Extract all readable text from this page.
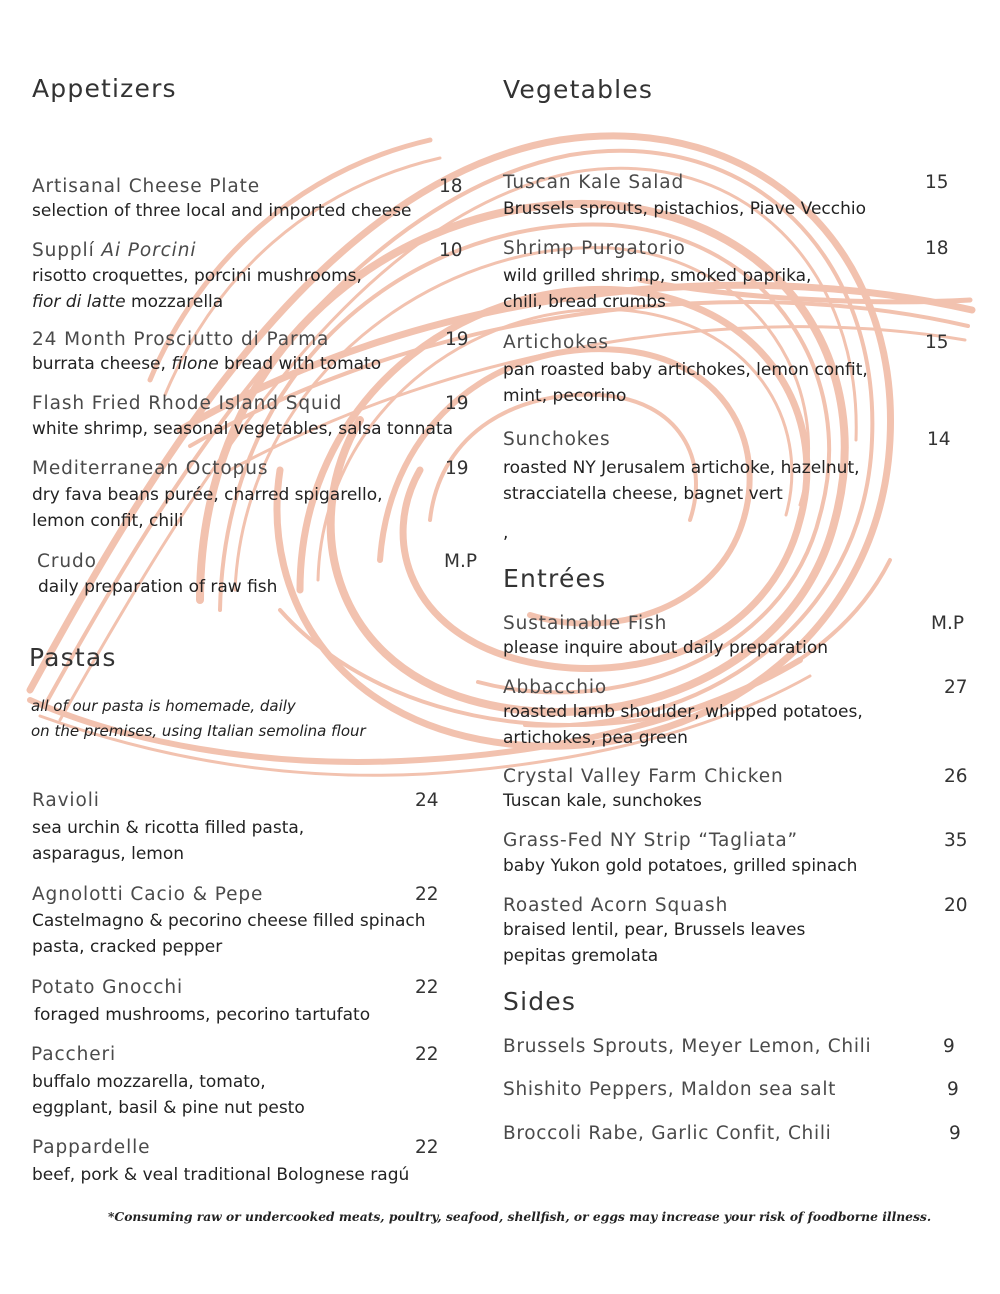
Appetizers
Artisanal Cheese Plate	18
selection of three local and imported cheese
Supplí Ai Porcini	10
risotto croquettes, porcini mushrooms,
fior di latte mozzarella
24 Month Prosciutto di Parma	19
burrata cheese, filone bread with tomato
Flash Fried Rhode Island Squid	19
white shrimp, seasonal vegetables, salsa tonnata
Mediterranean Octopus	19
dry fava beans purée, charred spigarello,
lemon confit, chili
Crudo	M.P
daily preparation of raw fish
Pastas
all of our pasta is homemade, daily
on the premises, using Italian semolina flour
Ravioli	24
sea urchin & ricotta filled pasta,
asparagus, lemon
Agnolotti Cacio & Pepe	22
Castelmagno & pecorino cheese filled spinach
pasta, cracked pepper
Potato Gnocchi	22
foraged mushrooms, pecorino tartufato
Paccheri	22
buffalo mozzarella, tomato,
eggplant, basil & pine nut pesto
Pappardelle	22
beef, pork & veal traditional Bolognese ragú
Vegetables
Tuscan Kale Salad	15
Brussels sprouts, pistachios, Piave Vecchio
Shrimp Purgatorio	18
wild grilled shrimp, smoked paprika,
chili, bread crumbs
Artichokes	15
pan roasted baby artichokes, lemon confit,
mint, pecorino
Sunchokes	14
roasted NY Jerusalem artichoke, hazelnut,
stracciatella cheese, bagnet vert
,
Entrées
Sustainable Fish	M.P
please inquire about daily preparation
Abbacchio	27
roasted lamb shoulder, whipped potatoes,
artichokes, pea green
Crystal Valley Farm Chicken	26
Tuscan kale, sunchokes
Grass-Fed NY Strip “Tagliata”	35
baby Yukon gold potatoes, grilled spinach
Roasted Acorn Squash	20
braised lentil, pear, Brussels leaves
pepitas gremolata
Sides
Brussels Sprouts, Meyer Lemon, Chili	9
Shishito Peppers, Maldon sea salt	9
Broccoli Rabe, Garlic Confit, Chili	9
*Consuming raw or undercooked meats, poultry, seafood, shellfish, or eggs may increase your risk of foodborne illness.
